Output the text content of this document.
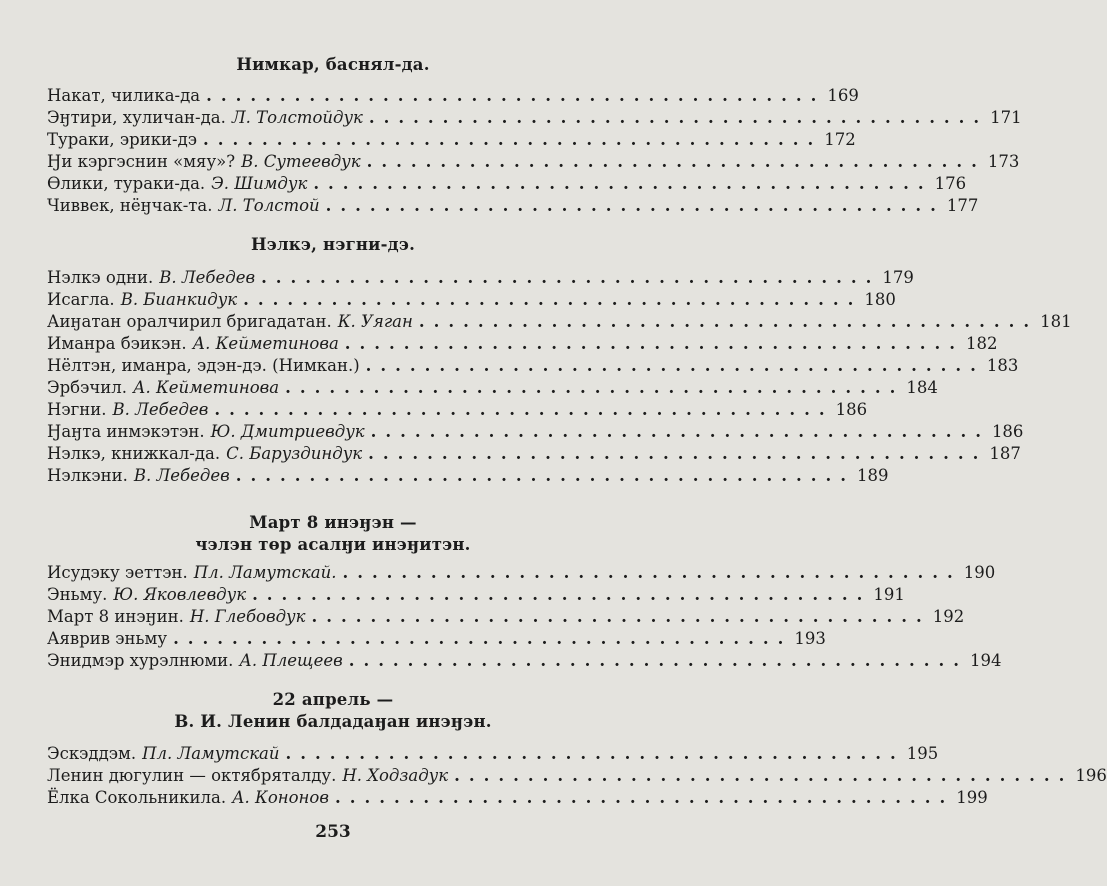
Нимкар, баснял-да.
Накат, чилика-да .......................................... 169
Эӈтири, хуличан-да. Л. Толстойдук .......................................... 171
Тураки, эрики-дэ .......................................... 172
Ӈи кэргэснин «мяу»? В. Сутеевдук .......................................... 173
Өлики, тураки-да. Э. Шимдук .......................................... 176
Чиввек, нёӈчак-та. Л. Толстой .......................................... 177
Нэлкэ, нэгни-дэ.
Нэлкэ одни. В. Лебедев .......................................... 179
Исагла. В. Бианкидук .......................................... 180
Аиӈатан оралчирил бригадатан. К. Уяган .......................................... 181
Иманра бэикэн. А. Кейметинова .......................................... 182
Нёлтэн, иманра, эдэн-дэ. (Нимкан.) .......................................... 183
Эрбэчил. А. Кейметинова .......................................... 184
Нэгни. В. Лебедев .......................................... 186
Ӈаӈта инмэкэтэн. Ю. Дмитриевдук .......................................... 186
Нэлкэ, книжкал-да. С. Баруздиндук .......................................... 187
Нэлкэни. В. Лебедев .......................................... 189
Март 8 инэӈэн —
чэлэн төр асалӈи инэӈитэн.
Исудэку эеттэн. Пл. Ламутскай. .......................................... 190
Эньму. Ю. Яковлевдук .......................................... 191
Март 8 инэӈин. Н. Глебовдук .......................................... 192
Аяврив эньму .......................................... 193
Энидмэр хурэлнюми. А. Плещеев .......................................... 194
22 апрель —
В. И. Ленин балдадаӈан инэӈэн.
Эскэддэм. Пл. Ламутскай .......................................... 195
Ленин дюгулин — октябряталду. Н. Ходзадук .......................................... 196
Ёлка Сокольникила. А. Кононов .......................................... 199
253
